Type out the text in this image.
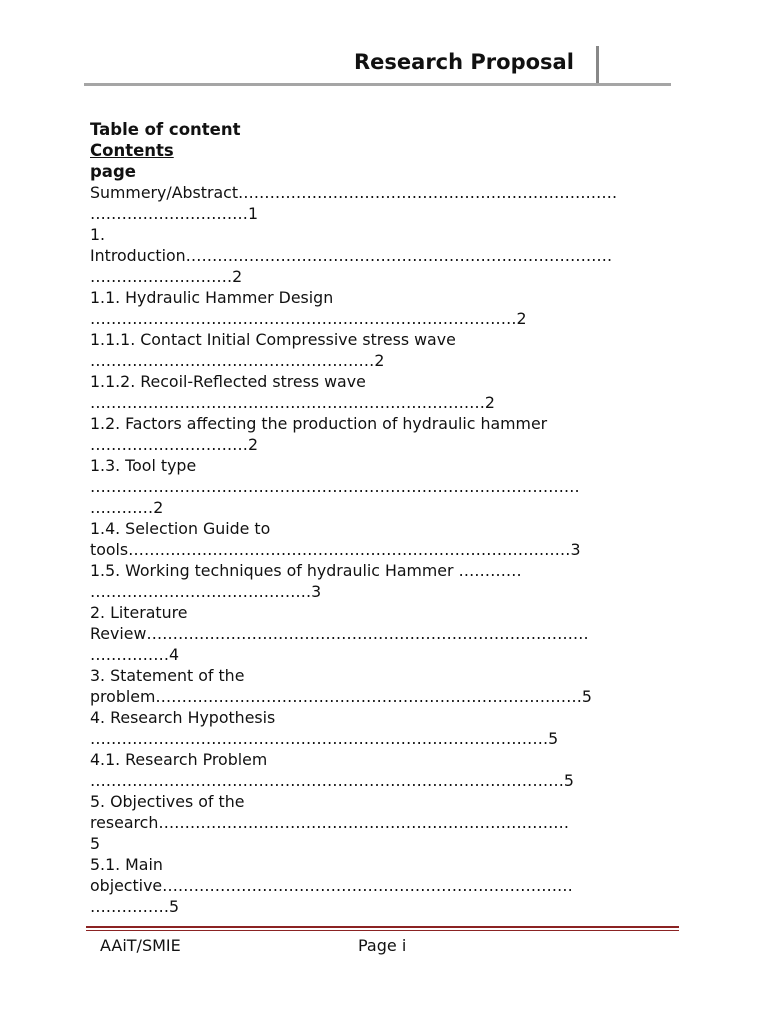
Research Proposal
Table of content
Contents
page
Summery/Abstract………………………………………………………………
…………………………1
1.
Introduction………………………………………………………………………
………………………2
1.1. Hydraulic Hammer Design
………………………………………………………………………2
1.1.1. Contact Initial Compressive stress wave
………………………………………………2
1.1.2. Recoil-Reflected stress wave
…………………………………………………………………2
1.2. Factors affecting the production of hydraulic hammer
…………………………2
1.3. Tool type
…………………………………………………………………………………
…………2
1.4. Selection Guide to
tools…………………………………………………………………………3
1.5. Working techniques of hydraulic Hammer …………
……………………………………3
2. Literature
Review…………………………………………………………………………
……………4
3. Statement of the
problem………………………………………………………………………5
4. Research Hypothesis
……………………………………………………………………………5
4.1. Research Problem
………………………………………………………………………………5
5. Objectives of the
research……………………………………………………………………
5
5.1. Main
objective……………………………………………………………………
……………5
AAiT/SMIE	Page i
